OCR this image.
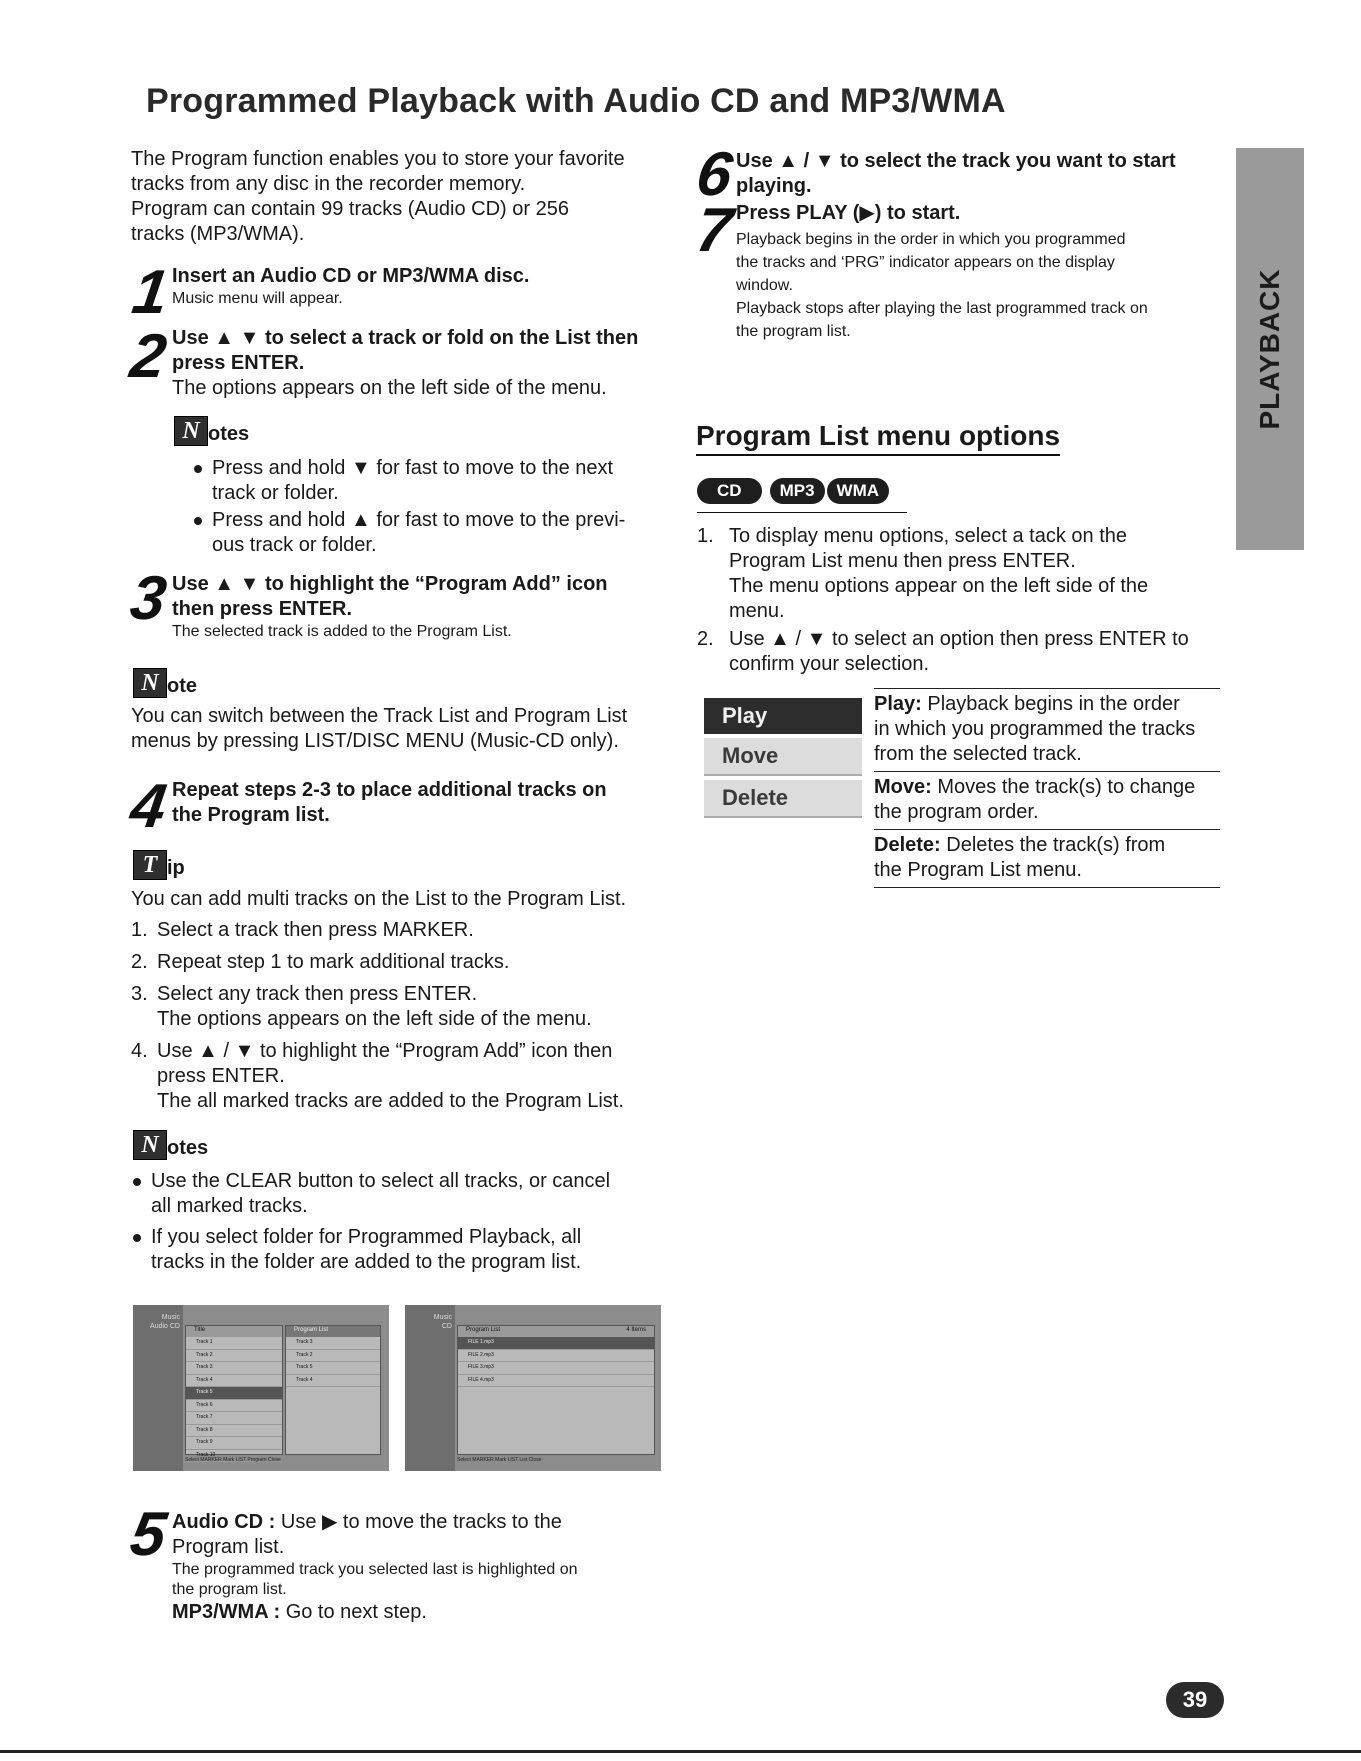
Programmed Playback with Audio CD and MP3/WMA
PLAYBACK
The Program function enables you to store your favorite
tracks from any disc in the recorder memory.
Program can contain 99 tracks (Audio CD) or 256
tracks (MP3/WMA).
1 Insert an Audio CD or MP3/WMA disc.
Music menu will appear.
2 Use ▲ ▼ to select a track or fold on the List then
press ENTER.
The options appears on the left side of the menu.
N otes
Press and hold ▼ for fast to move to the next
track or folder.
Press and hold ▲ for fast to move to the previ-
ous track or folder.
3 Use ▲ ▼ to highlight the “Program Add” icon
then press ENTER.
The selected track is added to the Program List.
N ote
You can switch between the Track List and Program List
menus by pressing LIST/DISC MENU (Music-CD only).
4 Repeat steps 2-3 to place additional tracks on
the Program list.
T ip
You can add multi tracks on the List to the Program List.
1. Select a track then press MARKER.
2. Repeat step 1 to mark additional tracks.
3. Select any track then press ENTER.
The options appears on the left side of the menu.
4. Use ▲ / ▼ to highlight the “Program Add” icon then
press ENTER.
The all marked tracks are added to the Program List.
N otes
Use the CLEAR button to select all tracks, or cancel
all marked tracks.
If you select folder for Programmed Playback, all
tracks in the folder are added to the program list.
Music
Audio CD	Title
Track 1
Track 2
Track 3
Track 4
Track 5
Track 6
Track 7
Track 8
Track 9
Track 10
Program List
Track 3
Track 2
Track 5
Track 4
Select MARKER Mark LIST Program Close
Music
CD Program List	4 Items
FILE 1.mp3
FILE 2.mp3
FILE 3.mp3
FILE 4.mp3
Select MARKER Mark LIST List Close
5 Audio CD : Use ▶ to move the tracks to the
Program list.
The programmed track you selected last is highlighted on
the program list.
MP3/WMA : Go to next step.
6 Use ▲ / ▼ to select the track you want to start
playing.
7 Press PLAY (▶) to start.
Playback begins in the order in which you programmed
the tracks and ‘PRG” indicator appears on the display
window.
Playback stops after playing the last programmed track on
the program list.
Program List menu options
CD MP3 WMA
1. To display menu options, select a tack on the
Program List menu then press ENTER.
The menu options appear on the left side of the
menu.
2. Use ▲ / ▼ to select an option then press ENTER to
confirm your selection.
Play
Move
Delete
Play: Playback begins in the order
in which you programmed the tracks
from the selected track.
Move: Moves the track(s) to change
the program order.
Delete: Deletes the track(s) from
the Program List menu.
39
